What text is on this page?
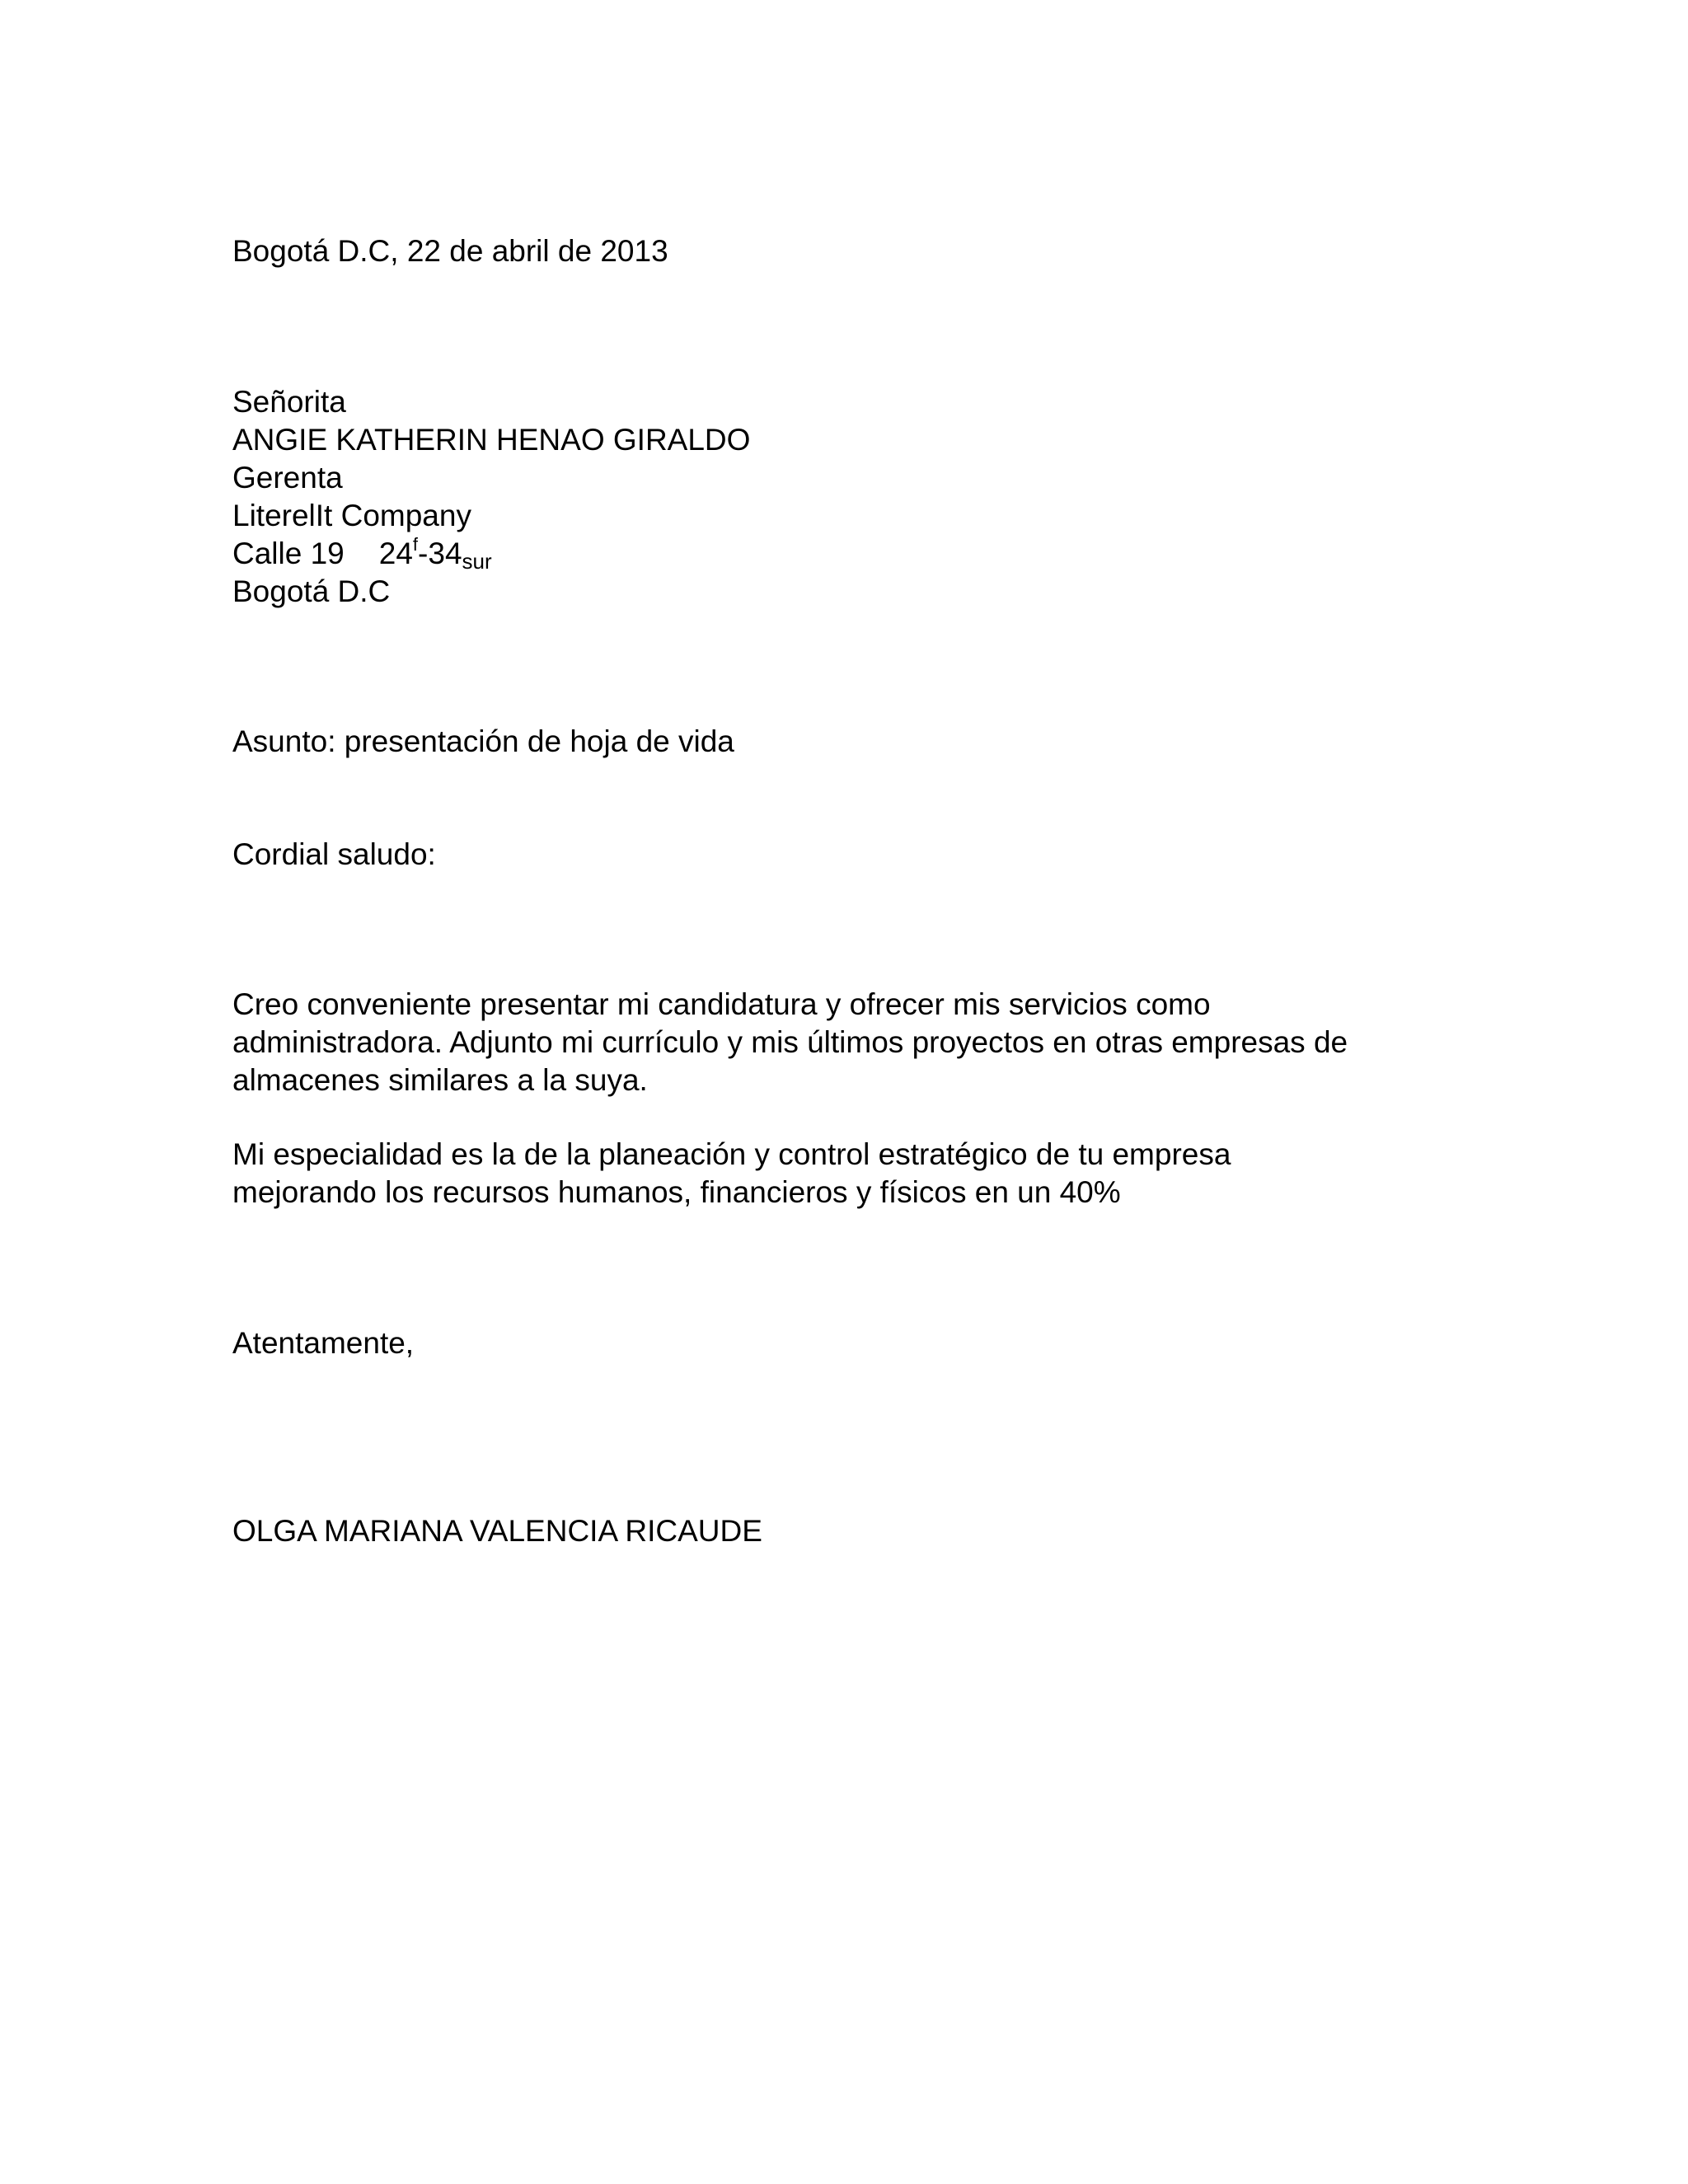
Bogotá D.C, 22 de abril de 2013
Señorita
ANGIE KATHERIN HENAO GIRALDO
Gerenta
LiterelIt Company
Calle 19 $24^f-34_{sur}$
Bogotá D.C
Asunto: presentación de hoja de vida
Cordial saludo:
Creo conveniente presentar mi candidatura y ofrecer mis servicios como
administradora. Adjunto mi currículo y mis últimos proyectos en otras empresas de
almacenes similares a la suya.
Mi especialidad es la de la planeación y control estratégico de tu empresa
mejorando los recursos humanos, financieros y físicos en un 40%
Atentamente,
OLGA MARIANA VALENCIA RICAUDE
